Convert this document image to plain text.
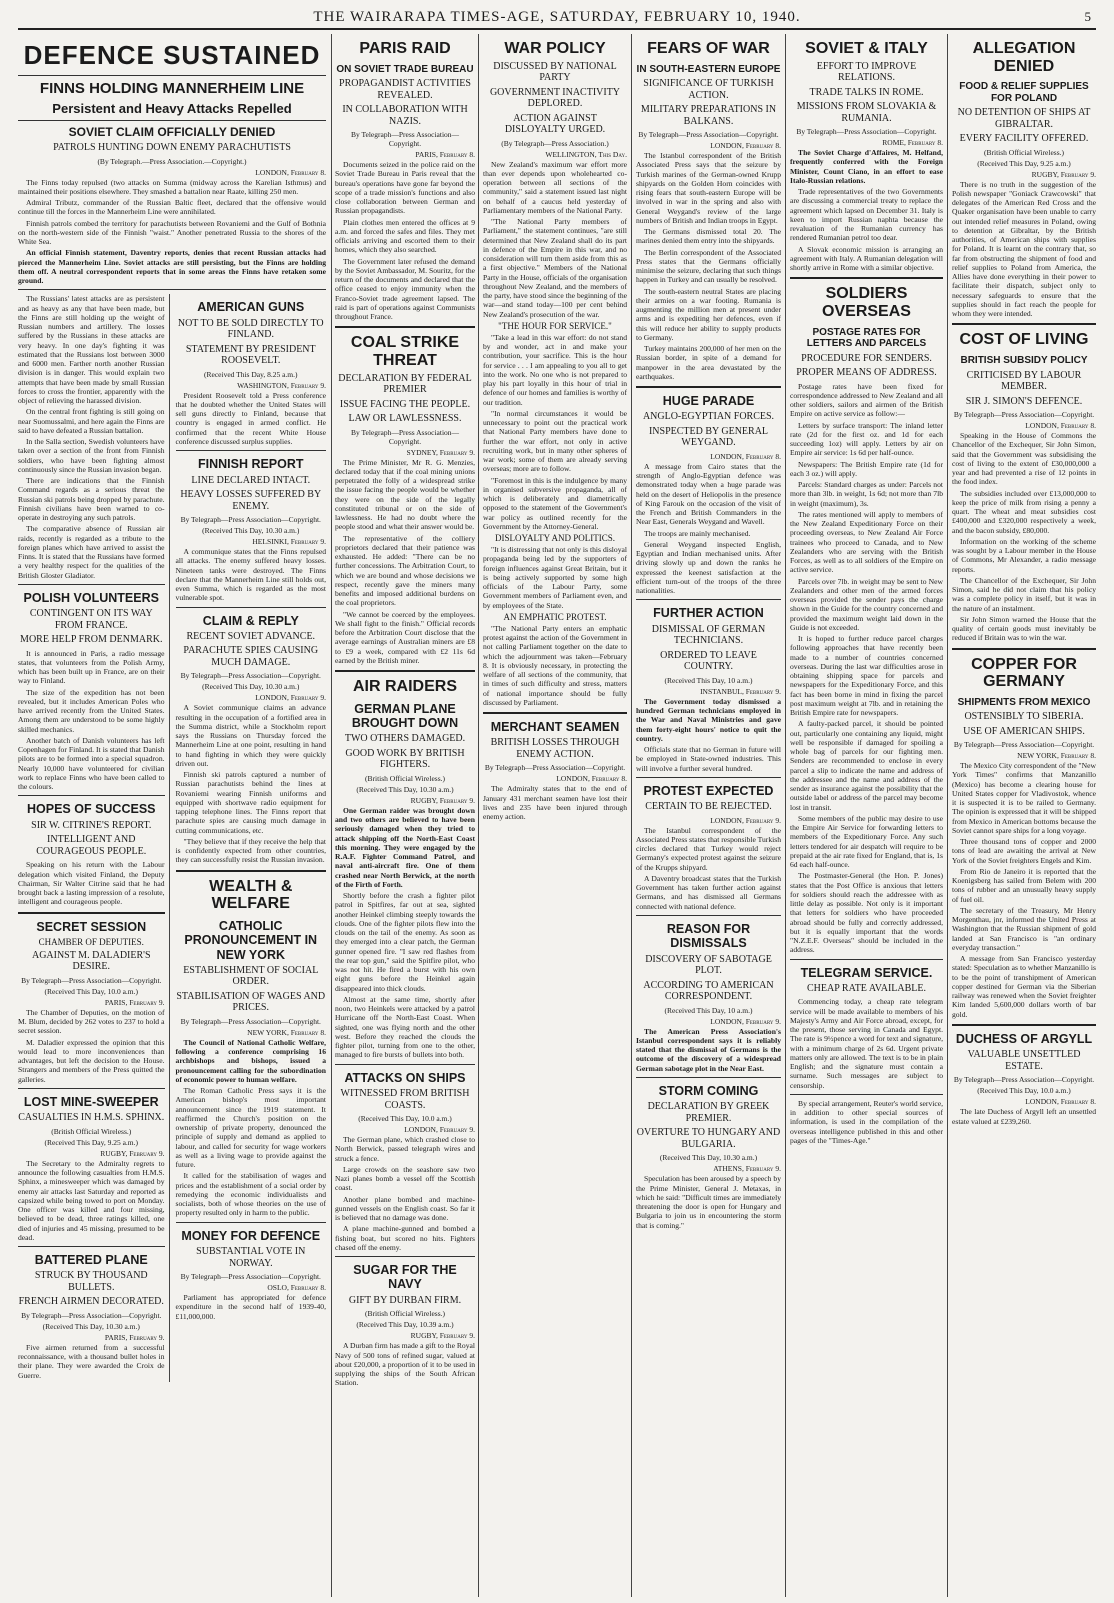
THE WAIRARAPA TIMES-AGE, SATURDAY, FEBRUARY 10, 1940.	5
DEFENCE SUSTAINED
FINNS HOLDING MANNERHEIM LINE
Persistent and Heavy Attacks Repelled
SOVIET CLAIM OFFICIALLY DENIED
PATROLS HUNTING DOWN ENEMY PARACHUTISTS
(By Telegraph.—Press Association.—Copyright.)
LONDON, February 8.

The Finns today repulsed (two attacks on Summa (midway across the Karelian Isthmus) and maintained their positions elsewhere. They smashed a battalion near Raate, killing 250 men.

Admiral Tributz, commander of the Russian Baltic fleet, declared that the offensive would continue till the forces in the Mannerheim Line were annihilated.

Finnish patrols combed the territory for parachutists between Rovaniemi and the Gulf of Bothnia on the north-western side of the Finnish "waist." Another penetrated Russia to the shores of the White Sea.

An official Finnish statement, Daventry reports, denies that recent Russian attacks had pierced the Mannerheim Line. Soviet attacks are still persisting, but the Finns are holding them off. A neutral correspondent reports that in some areas the Finns have retaken some ground.

The Russians' latest attacks are as persistent and as heavy as any that have been made, but the Finns are still holding up the weight of Russian numbers and artillery. The losses suffered by the Russians in these attacks are very heavy. In one day's fighting it was estimated that the Russians lost between 3000 and 6000 men. Farther north another Russian division is in danger. This would explain two attempts that have been made by small Russian forces to cross the frontier, apparently with the object of relieving the harassed division.

On the central front fighting is still going on near Suomussalmi, and here again the Finns are said to have defeated a Russian battalion.

In the Salla section, Swedish volunteers have taken over a section of the front from Finnish soldiers, who have been fighting almost continuously since the Russian invasion began.

There are indications that the Finnish Command regards as a serious threat the Russian ski patrols being dropped by parachute. Finnish civilians have been warned to co-operate in destroying any such patrols.

The comparative absence of Russian air raids, recently is regarded as a tribute to the foreign planes which have arrived to assist the Finns. It is stated that the Russians have formed a very healthy respect for the qualities of the British Gloster Gladiator.

POLISH VOLUNTEERS
CONTINGENT ON ITS WAY FROM FRANCE.
MORE HELP FROM DENMARK.

It is announced in Paris, a radio message states, that volunteers from the Polish Army, which has been built up in France, are on their way to Finland.

The size of the expedition has not been revealed, but it includes American Poles who have arrived recently from the United States. Among them are understood to be some highly skilled mechanics.

Another batch of Danish volunteers has left Copenhagen for Finland. It is stated that Danish pilots are to be formed into a special squadron. Nearly 10,000 have volunteered for civilian work to replace Finns who have been called to the colours.

HOPES OF SUCCESS
SIR W. CITRINE'S REPORT.
INTELLIGENT AND COURAGEOUS PEOPLE.

Speaking on his return with the Labour delegation which visited Finland, the Deputy Chairman, Sir Walter Citrine said that he had brought back a lasting impression of a resolute, intelligent and courageous people.

SECRET SESSION
CHAMBER OF DEPUTIES.
AGAINST M. DALADIER'S DESIRE.
By Telegraph—Press Association—Copyright.
(Received This Day, 10.0 a.m.)
PARIS, February 9.

The Chamber of Deputies, on the motion of M. Blum, decided by 262 votes to 237 to hold a secret session.

M. Daladier expressed the opinion that this would lead to more inconveniences than advantages, but left the decision to the House. Strangers and members of the Press quitted the galleries.

LOST MINE-SWEEPER
CASUALTIES IN H.M.S. SPHINX.
(British Official Wireless.)
(Received This Day, 9.25 a.m.)
RUGBY, February 9.

The Secretary to the Admiralty regrets to announce the following casualties from H.M.S. Sphinx, a minesweeper which was damaged by enemy air attacks last Saturday and reported as capsized while being towed to port on Monday. One officer was killed and four missing, believed to be dead, three ratings killed, one died of injuries and 45 missing, presumed to be dead.

BATTERED PLANE
STRUCK BY THOUSAND BULLETS.
FRENCH AIRMEN DECORATED.
By Telegraph—Press Association—Copyright.
(Received This Day, 10.30 a.m.)
PARIS, February 9.

Five airmen returned from a successful reconnaissance, with a thousand bullet holes in their plane. They were awarded the Croix de Guerre.

AMERICAN GUNS
NOT TO BE SOLD DIRECTLY TO FINLAND.
STATEMENT BY PRESIDENT ROOSEVELT.
(Received This Day, 8.25 a.m.)
WASHINGTON, February 9.

President Roosevelt told a Press conference that he doubted whether the United States will sell guns directly to Finland, because that country is engaged in armed conflict. He confirmed that the recent White House conference discussed surplus supplies.

FINNISH REPORT
LINE DECLARED INTACT.
HEAVY LOSSES SUFFERED BY ENEMY.
By Telegraph—Press Association—Copyright.
(Received This Day, 10.30 a.m.)
HELSINKI, February 9.

A communique states that the Finns repulsed all attacks. The enemy suffered heavy losses. Nineteen tanks were destroyed. The Finns declare that the Mannerheim Line still holds out, even Summa, which is regarded as the most vulnerable spot.

CLAIM & REPLY
RECENT SOVIET ADVANCE.
PARACHUTE SPIES CAUSING MUCH DAMAGE.
By Telegraph—Press Association—Copyright.
(Received This Day, 10.30 a.m.)
LONDON, February 9.

A Soviet communique claims an advance resulting in the occupation of a fortified area in the Summa district, while a Stockholm report says the Russians on Thursday forced the Mannerheim Line at one point, resulting in hand to hand fighting in which they were quickly driven out.

Finnish ski patrols captured a number of Russian parachutists behind the lines at Rovaniemi wearing Finnish uniforms and equipped with shortwave radio equipment for tapping telephone lines. The Finns report that parachute spies are causing much damage in cutting communications, etc.

"They believe that if they receive the help that is confidently expected from other countries, they can successfully resist the Russian invasion.

WEALTH & WELFARE
CATHOLIC PRONOUNCEMENT IN NEW YORK
ESTABLISHMENT OF SOCIAL ORDER.
STABILISATION OF WAGES AND PRICES.
By Telegraph—Press Association—Copyright.
NEW YORK, February 8.

The Council of National Catholic Welfare, following a conference comprising 16 archbishops and bishops, issued a pronouncement calling for the subordination of economic power to human welfare.

The Roman Catholic Press says it is the American bishop's most important announcement since the 1919 statement. It reaffirmed the Church's position on the ownership of private property, denounced the principle of supply and demand as applied to labour, and called for security for wage workers as well as a living wage to provide against the future.

It called for the stabilisation of wages and prices and the establishment of a social order by remedying the economic individualists and socialists, both of whose theories on the use of property resulted only in harm to the public.

MONEY FOR DEFENCE
SUBSTANTIAL VOTE IN NORWAY.
By Telegraph—Press Association—Copyright.
OSLO, February 8.

Parliament has appropriated for defence expenditure in the second half of 1939-40, £11,000,000.

PARIS RAID
ON SOVIET TRADE BUREAU
PROPAGANDIST ACTIVITIES REVEALED.
IN COLLABORATION WITH NAZIS.
By Telegraph—Press Association—Copyright.
PARIS, February 8.

Documents seized in the police raid on the Soviet Trade Bureau in Paris reveal that the bureau's operations have gone far beyond the scope of a trade mission's functions and also close collaboration between German and Russian propagandists.

Plain clothes men entered the offices at 9 a.m. and forced the safes and files. They met officials arriving and escorted them to their homes, which they also searched.

The Government later refused the demand by the Soviet Ambassador, M. Souritz, for the return of the documents and declared that the office ceased to enjoy immunity when the Franco-Soviet trade agreement lapsed. The raid is part of operations against Communists throughout France.

COAL STRIKE THREAT
DECLARATION BY FEDERAL PREMIER
ISSUE FACING THE PEOPLE.
LAW OR LAWLESSNESS.
By Telegraph—Press Association—Copyright.
SYDNEY, February 9.

The Prime Minister, Mr R. G. Menzies, declared today that if the coal mining unions perpetrated the folly of a widespread strike the issue facing the people would be whether they were on the side of the legally constituted tribunal or on the side of lawlessness. He had no doubt where the people stood and what their answer would be.

The representative of the colliery proprietors declared that their patience was exhausted. He added: "There can be no further concessions. The Arbitration Court, to which we are bound and whose decisions we respect, recently gave the miners many benefits and imposed additional burdens on the coal proprietors.

"We cannot be coerced by the employees. We shall fight to the finish." Official records before the Arbitration Court disclose that the average earnings of Australian miners are £8 to £9 a week, compared with £2 11s 6d earned by the British miner.

AIR RAIDERS
GERMAN PLANE BROUGHT DOWN
TWO OTHERS DAMAGED.
GOOD WORK BY BRITISH FIGHTERS.
(British Official Wireless.)
(Received This Day, 10.30 a.m.)
RUGBY, February 9.

One German raider was brought down and two others are believed to have been seriously damaged when they tried to attack shipping off the North-East Coast this morning. They were engaged by the R.A.F. Fighter Command Patrol, and naval anti-aircraft fire. One of them crashed near North Berwick, at the north of the Firth of Forth.

Shortly before the crash a fighter pilot patrol in Spitfires, far out at sea, sighted another Heinkel climbing steeply towards the clouds. One of the fighter pilots flew into the clouds on the tail of the enemy. As soon as they emerged into a clear patch, the German gunner opened fire. "I saw red flashes from the rear top gun," said the Spitfire pilot, who was not hit. He fired a burst with his own eight guns before the Heinkel again disappeared into thick clouds.

Almost at the same time, shortly after noon, two Heinkels were attacked by a patrol Hurricane off the North-East Coast. When sighted, one was flying north and the other west. Before they reached the clouds the fighter pilot, turning from one to the other, managed to fire bursts of bullets into both.

ATTACKS ON SHIPS
WITNESSED FROM BRITISH COASTS.
(Received This Day, 10.0 a.m.)
LONDON, February 9.

The German plane, which crashed close to North Berwick, passed telegraph wires and struck a fence.

Large crowds on the seashore saw two Nazi planes bomb a vessel off the Scottish coast.

Another plane bombed and machine-gunned vessels on the English coast. So far it is believed that no damage was done.

A plane machine-gunned and bombed a fishing boat, but scored no hits. Fighters chased off the enemy.

SUGAR FOR THE NAVY
GIFT BY DURBAN FIRM.
(British Official Wireless.)
(Received This Day, 10.39 a.m.)
RUGBY, February 9.

A Durban firm has made a gift to the Royal Navy of 500 tons of refined sugar, valued at about £20,000, a proportion of it to be used in supplying the ships of the South African Station.

WAR POLICY
DISCUSSED BY NATIONAL PARTY
GOVERNMENT INACTIVITY DEPLORED.
ACTION AGAINST DISLOYALTY URGED.
(By Telegraph—Press Association.)
WELLINGTON, This Day.

New Zealand's maximum war effort more than ever depends upon wholehearted co-operation between all sections of the community," said a statement issued last night on behalf of a caucus held yesterday of Parliamentary members of the National Party.

"The National Party members of Parliament," the statement continues, "are still determined that New Zealand shall do its part in defence of the Empire in this war, and no consideration will turn them aside from this as a first objective." Members of the National Party in the House, officials of the organisation throughout New Zealand, and the members of the party, have stood since the beginning of the war—and stand today—100 per cent behind New Zealand's prosecution of the war.

"THE HOUR FOR SERVICE."

"Take a lead in this war effort: do not stand by and wonder, act in and make your contribution, your sacrifice. This is the hour for service . . . I am appealing to you all to get into the work. No one who is not prepared to play his part loyally in this hour of trial in defence of our homes and families is worthy of our tradition.

"In normal circumstances it would be unnecessary to point out the practical work that National Party members have done to further the war effort, not only in active recruiting work, but in many other spheres of war work; some of them are already serving overseas; more are to follow.

"Foremost in this is the indulgence by many in organised subversive propaganda, all of which is deliberately and diametrically opposed to the statement of the Government's war policy as outlined recently for the Government by the Attorney-General.

DISLOYALTY AND POLITICS.

"It is distressing that not only is this disloyal propaganda being led by the supporters of foreign influences against Great Britain, but it is being actively supported by some high officials of the Labour Party, some Government members of Parliament even, and by employees of the State.

AN EMPHATIC PROTEST.

"The National Party enters an emphatic protest against the action of the Government in not calling Parliament together on the date to which the adjournment was taken—February 8. It is obviously necessary, in protecting the welfare of all sections of the community, that in times of such difficulty and stress, matters of national importance should be fully discussed by Parliament.

MERCHANT SEAMEN
BRITISH LOSSES THROUGH ENEMY ACTION.
By Telegraph—Press Association—Copyright.
LONDON, February 8.

The Admiralty states that to the end of January 431 merchant seamen have lost their lives and 235 have been injured through enemy action.

FEARS OF WAR
IN SOUTH-EASTERN EUROPE
SIGNIFICANCE OF TURKISH ACTION.
MILITARY PREPARATIONS IN BALKANS.
By Telegraph—Press Association—Copyright.
LONDON, February 8.

The Istanbul correspondent of the British Associated Press says that the seizure by Turkish marines of the German-owned Krupp shipyards on the Golden Horn coincides with rising fears that south-eastern Europe will be involved in war in the spring and also with General Weygand's review of the large numbers of British and Indian troops in Egypt.

The Germans dismissed total 20. The marines denied them entry into the shipyards.

The Berlin correspondent of the Associated Press states that the Germans officially minimise the seizure, declaring that such things happen in Turkey and can usually be resolved.

The south-eastern neutral States are placing their armies on a war footing. Rumania is augmenting the million men at present under arms and is expediting her defences, even if this will reduce her ability to supply products to Germany.

Turkey maintains 200,000 of her men on the Russian border, in spite of a demand for manpower in the area devastated by the earthquakes.

HUGE PARADE
ANGLO-EGYPTIAN FORCES.
INSPECTED BY GENERAL WEYGAND.
LONDON, February 8.

A message from Cairo states that the strength of Anglo-Egyptian defence was demonstrated today when a huge parade was held on the desert of Heliopolis in the presence of King Farouk on the occasion of the visit of the French and British Commanders in the Near East, Generals Weygand and Wavell.

The troops are mainly mechanised.

General Weygand inspected English, Egyptian and Indian mechanised units. After driving slowly up and down the ranks he expressed the keenest satisfaction at the efficient turn-out of the troops of the three nationalities.

FURTHER ACTION
DISMISSAL OF GERMAN TECHNICIANS.
ORDERED TO LEAVE COUNTRY.
(Received This Day, 10 a.m.)
INSTANBUL, February 9.

The Government today dismissed a hundred German technicians employed in the War and Naval Ministries and gave them forty-eight hours' notice to quit the country.

Officials state that no German in future will be employed in State-owned industries. This will involve a further several hundred.

PROTEST EXPECTED
CERTAIN TO BE REJECTED.
LONDON, February 9.

The Istanbul correspondent of the Associated Press states that responsible Turkish circles declared that Turkey would reject Germany's expected protest against the seizure of the Krupps shipyard.

A Daventry broadcast states that the Turkish Government has taken further action against Germans, and has dismissed all Germans connected with national defence.

REASON FOR DISMISSALS
DISCOVERY OF SABOTAGE PLOT.
ACCORDING TO AMERICAN CORRESPONDENT.
(Received This Day, 10 a.m.)
LONDON, February 9.

The American Press Association's Istanbul correspondent says it is reliably stated that the dismissal of Germans is the outcome of the discovery of a widespread German sabotage plot in the Near East.

STORM COMING
DECLARATION BY GREEK PREMIER.
OVERTURE TO HUNGARY AND BULGARIA.
(Received This Day, 10.30 a.m.)
ATHENS, February 9.

Speculation has been aroused by a speech by the Prime Minister, General J. Metaxas, in which he said: "Difficult times are immediately threatening the door is open for Hungary and Bulgaria to join us in encountering the storm that is coming."

SOVIET & ITALY
EFFORT TO IMPROVE RELATIONS.
TRADE TALKS IN ROME.
MISSIONS FROM SLOVAKIA & RUMANIA.
By Telegraph—Press Association—Copyright.
ROME, February 8.

The Soviet Charge d'Affaires, M. Helfand, frequently conferred with the Foreign Minister, Count Ciano, in an effort to ease Italo-Russian relations.

Trade representatives of the two Governments are discussing a commercial treaty to replace the agreement which lapsed on December 31. Italy is keen to import Russian naphta because the revaluation of the Rumanian currency has rendered Rumanian petrol too dear.

A Slovak economic mission is arranging an agreement with Italy. A Rumanian delegation will shortly arrive in Rome with a similar objective.

SOLDIERS OVERSEAS
POSTAGE RATES FOR LETTERS AND PARCELS
PROCEDURE FOR SENDERS.
PROPER MEANS OF ADDRESS.

Postage rates have been fixed for correspondence addressed to New Zealand and all other soldiers, sailors and airmen of the British Empire on active service as follow:—

Letters by surface transport: The inland letter rate (2d for the first oz. and 1d for each succeeding 1oz) will apply. Letters by air on Empire air service: 1s 6d per half-ounce.

Newspapers: The British Empire rate (1d for each 3 oz.) will apply.

Parcels: Standard charges as under: Parcels not more than 3lb. in weight, 1s 6d; not more than 7lb in weight (maximum), 3s.

The rates mentioned will apply to members of the New Zealand Expeditionary Force on their proceeding overseas, to New Zealand Air Force trainees who proceed to Canada, and to New Zealanders who are serving with the British Forces, as well as to all soldiers of the Empire on active service.

Parcels over 7lb. in weight may be sent to New Zealanders and other men of the armed forces overseas provided the sender pays the charge shown in the Guide for the country concerned and provided the maximum weight laid down in the Guide is not exceeded.

It is hoped to further reduce parcel charges following approaches that have recently been made to a number of countries concerned overseas. During the last war difficulties arose in obtaining shipping space for parcels and newspapers for the Expeditionary Force, and this fact has been borne in mind in fixing the parcel post maximum weight at 7lb. and in retaining the British Empire rate for newspapers.

A faulty-packed parcel, it should be pointed out, particularly one containing any liquid, might well be responsible if damaged for spoiling a whole bag of parcels for our fighting men. Senders are recommended to enclose in every parcel a slip to indicate the name and address of the addressee and the name and address of the sender as insurance against the possibility that the outside label or address of the parcel may become lost in transit.

Some members of the public may desire to use the Empire Air Service for forwarding letters to members of the Expeditionary Force. Any such letters tendered for air despatch will require to be prepaid at the air rate fixed for England, that is, 1s 6d each half-ounce.

The Postmaster-General (the Hon. P. Jones) states that the Post Office is anxious that letters for soldiers should reach the addressee with as little delay as possible. Not only is it important that letters for soldiers who have proceeded abroad should be fully and correctly addressed, but it is equally important that the words "N.Z.E.F. Overseas" should be included in the address.

TELEGRAM SERVICE.
CHEAP RATE AVAILABLE.

Commencing today, a cheap rate telegram service will be made available to members of his Majesty's Army and Air Force abroad, except, for the present, those serving in Canada and Egypt. The rate is 9½pence a word for text and signature, with a minimum charge of 2s 6d. Urgent private matters only are allowed. The text is to be in plain English; and the signature must contain a surname. Such messages are subject to censorship.

By special arrangement, Reuter's world service, in addition to other special sources of information, is used in the compilation of the overseas intelligence published in this and other pages of the "Times-Age."

ALLEGATION DENIED
FOOD & RELIEF SUPPLIES FOR POLAND
NO DETENTION OF SHIPS AT GIBRALTAR.
EVERY FACILITY OFFERED.
(British Official Wireless.)
(Received This Day, 9.25 a.m.)
RUGBY, February 9.

There is no truth in the suggestion of the Polish newspaper "Goniack Crawcowski" that delegates of the American Red Cross and the Quaker organisation have been unable to carry out intended relief measures in Poland, owing to detention at Gibraltar, by the British authorities, of American ships with supplies for Poland. It is learnt on the contrary that, so far from obstructing the shipment of food and relief supplies to Poland from America, the Allies have done everything in their power to facilitate their dispatch, subject only to necessary safeguards to ensure that the supplies should in fact reach the people for whom they were intended.

COST OF LIVING
BRITISH SUBSIDY POLICY
CRITICISED BY LABOUR MEMBER.
SIR J. SIMON'S DEFENCE.
By Telegraph—Press Association—Copyright.
LONDON, February 8.

Speaking in the House of Commons the Chancellor of the Exchequer, Sir John Simon, said that the Government was subsidising the cost of living to the extent of £30,000,000 a year and had prevented a rise of 12 points in the food index.

The subsidies included over £13,000,000 to keep the price of milk from rising a penny a quart. The wheat and meat subsidies cost £400,000 and £320,000 respectively a week, and the bacon subsidy, £80,000.

Information on the working of the scheme was sought by a Labour member in the House of Commons, Mr Alexander, a radio message reports.

The Chancellor of the Exchequer, Sir John Simon, said he did not claim that his policy was a complete policy in itself, but it was in the nature of an instalment.

Sir John Simon warned the House that the quality of certain goods must inevitably be reduced if Britain was to win the war.

COPPER FOR GERMANY
SHIPMENTS FROM MEXICO
OSTENSIBLY TO SIBERIA.
USE OF AMERICAN SHIPS.
By Telegraph—Press Association—Copyright.
NEW YORK, February 8.

The Mexico City correspondent of the "New York Times" confirms that Manzanillo (Mexico) has become a clearing house for United States copper for Vladivostok, whence it is suspected it is to be railed to Germany. The opinion is expressed that it will be shipped from Mexico in American bottoms because the Soviet cannot spare ships for a long voyage.

Three thousand tons of copper and 2000 tons of lead are awaiting the arrival at New York of the Soviet freighters Engels and Kim.

From Rio de Janeiro it is reported that the Koenigsberg has sailed from Belem with 200 tons of rubber and an unusually heavy supply of fuel oil.

The secretary of the Treasury, Mr Henry Morgenthau, jnr, informed the United Press at Washington that the Russian shipment of gold landed at San Francisco is "an ordinary everyday transaction."

A message from San Francisco yesterday stated: Speculation as to whether Manzanillo is to be the point of transhipment of American copper destined for German via the Siberian railway was renewed when the Soviet freighter Kim landed 5,600,000 dollars worth of bar gold.

DUCHESS OF ARGYLL
VALUABLE UNSETTLED ESTATE.
By Telegraph—Press Association—Copyright.
(Received This Day, 10.0 a.m.)
LONDON, February 8.

The late Duchess of Argyll left an unsettled estate valued at £239,260.
